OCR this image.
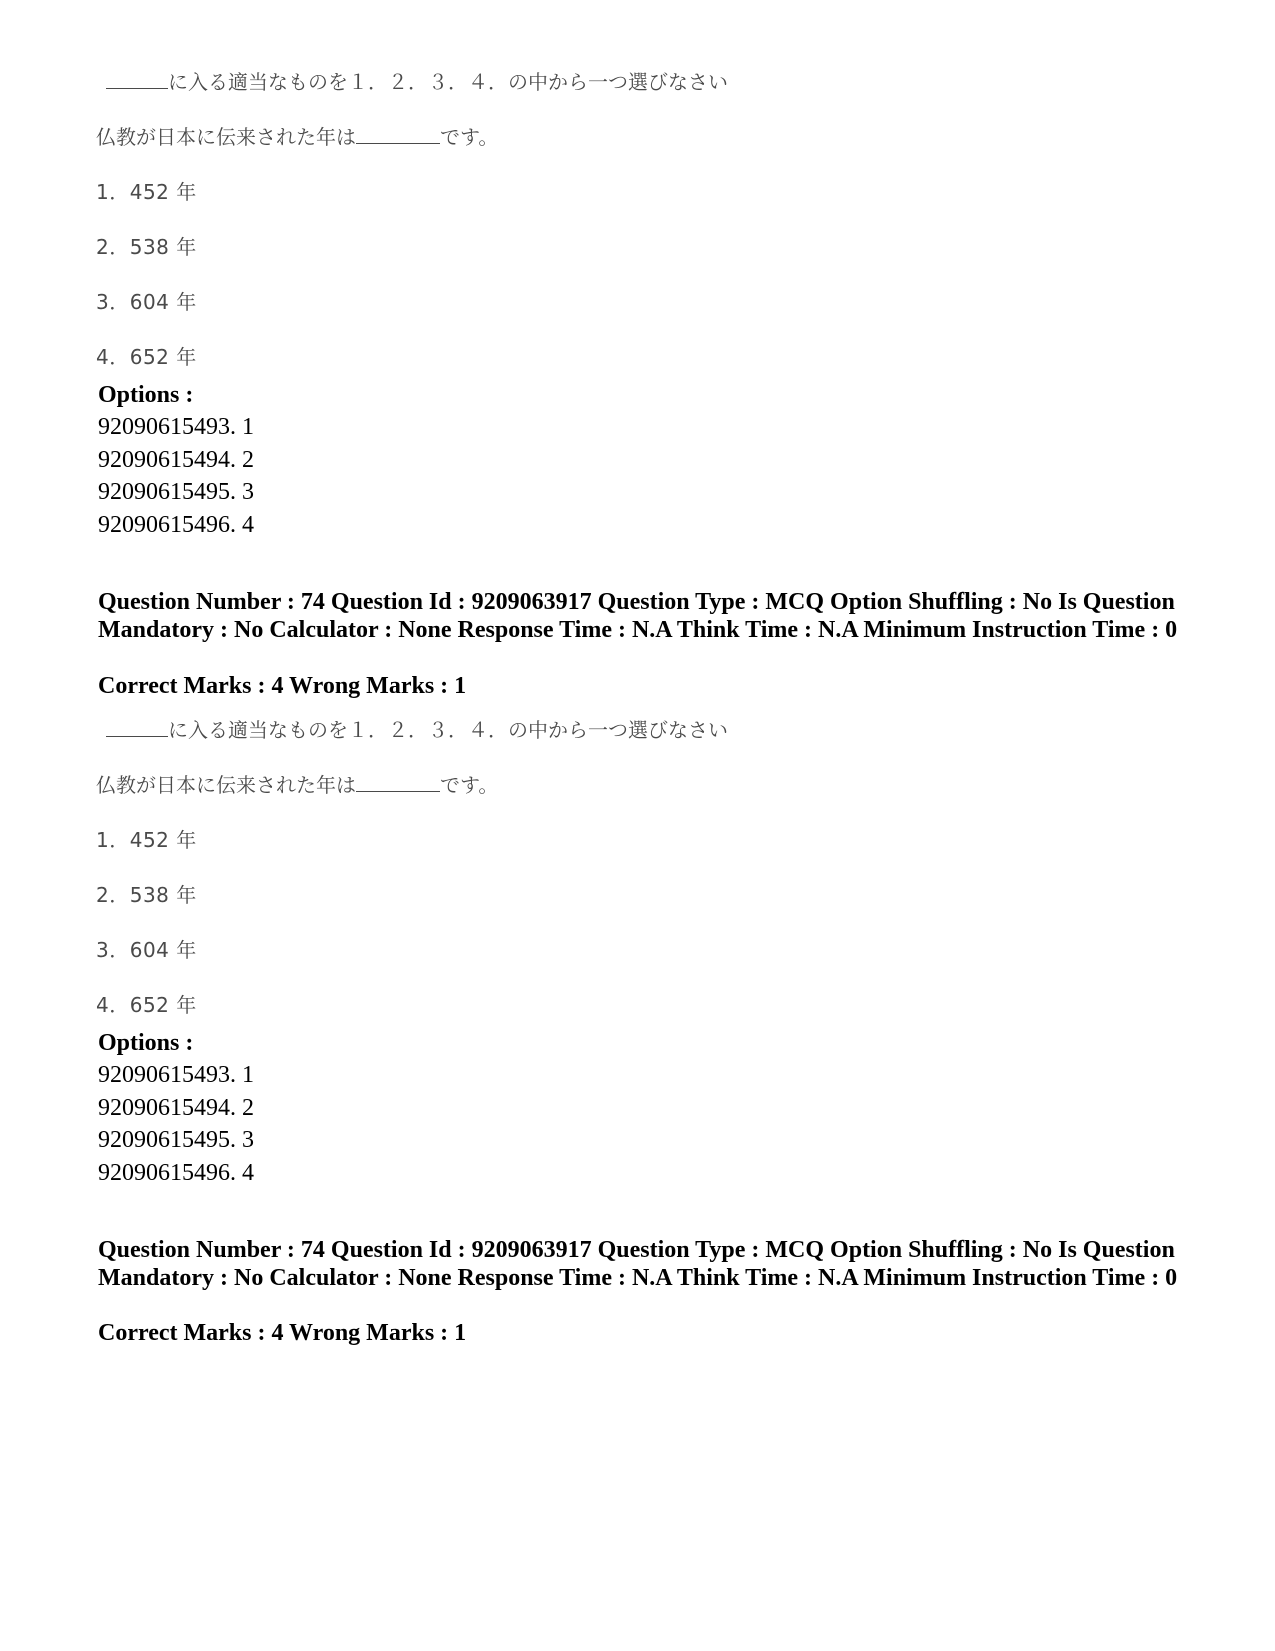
に入る適当なものを１．２．３．４．の中から一つ選びなさい
仏教が日本に伝来された年は	です。
1．452 年
2．538 年
3．604 年
4．652 年
Options :
92090615493. 1
92090615494. 2
92090615495. 3
92090615496. 4
Question Number : 74 Question Id : 9209063917 Question Type : MCQ Option Shuffling : No Is Question Mandatory : No Calculator : None Response Time : N.A Think Time : N.A Minimum Instruction Time : 0
Correct Marks : 4 Wrong Marks : 1
に入る適当なものを１．２．３．４．の中から一つ選びなさい
仏教が日本に伝来された年は	です。
1．452 年
2．538 年
3．604 年
4．652 年
Options :
92090615493. 1
92090615494. 2
92090615495. 3
92090615496. 4
Question Number : 74 Question Id : 9209063917 Question Type : MCQ Option Shuffling : No Is Question Mandatory : No Calculator : None Response Time : N.A Think Time : N.A Minimum Instruction Time : 0
Correct Marks : 4 Wrong Marks : 1
